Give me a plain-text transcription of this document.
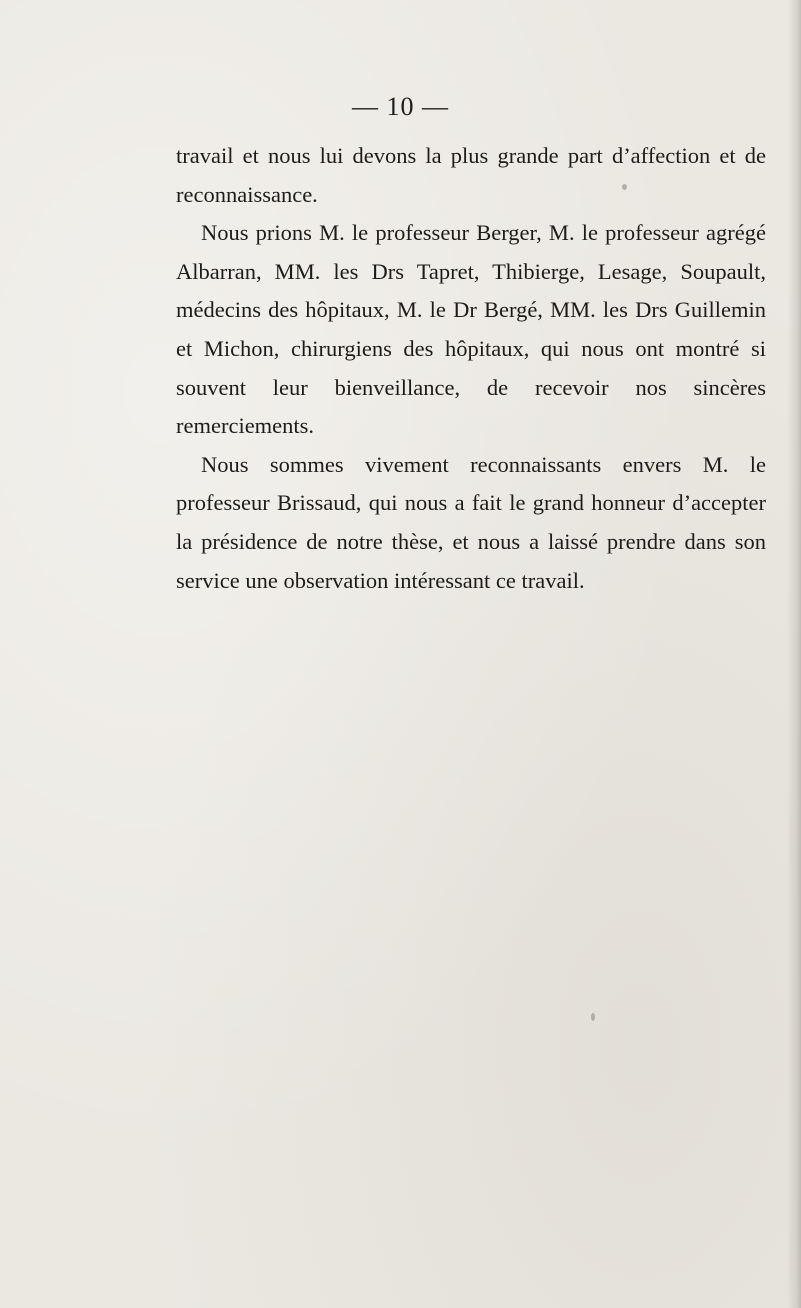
— 10 —

travail et nous lui devons la plus grande part d’affection et de reconnaissance.

Nous prions M. le professeur Berger, M. le professeur agrégé Albarran, MM. les Drs Tapret, Thibierge, Lesage, Soupault, médecins des hôpitaux, M. le Dr Bergé, MM. les Drs Guillemin et Michon, chirurgiens des hôpitaux, qui nous ont montré si souvent leur bienveillance, de recevoir nos sincères remerciements.

Nous sommes vivement reconnaissants envers M. le professeur Brissaud, qui nous a fait le grand honneur d’accepter la présidence de notre thèse, et nous a laissé prendre dans son service une observation intéressant ce travail.
